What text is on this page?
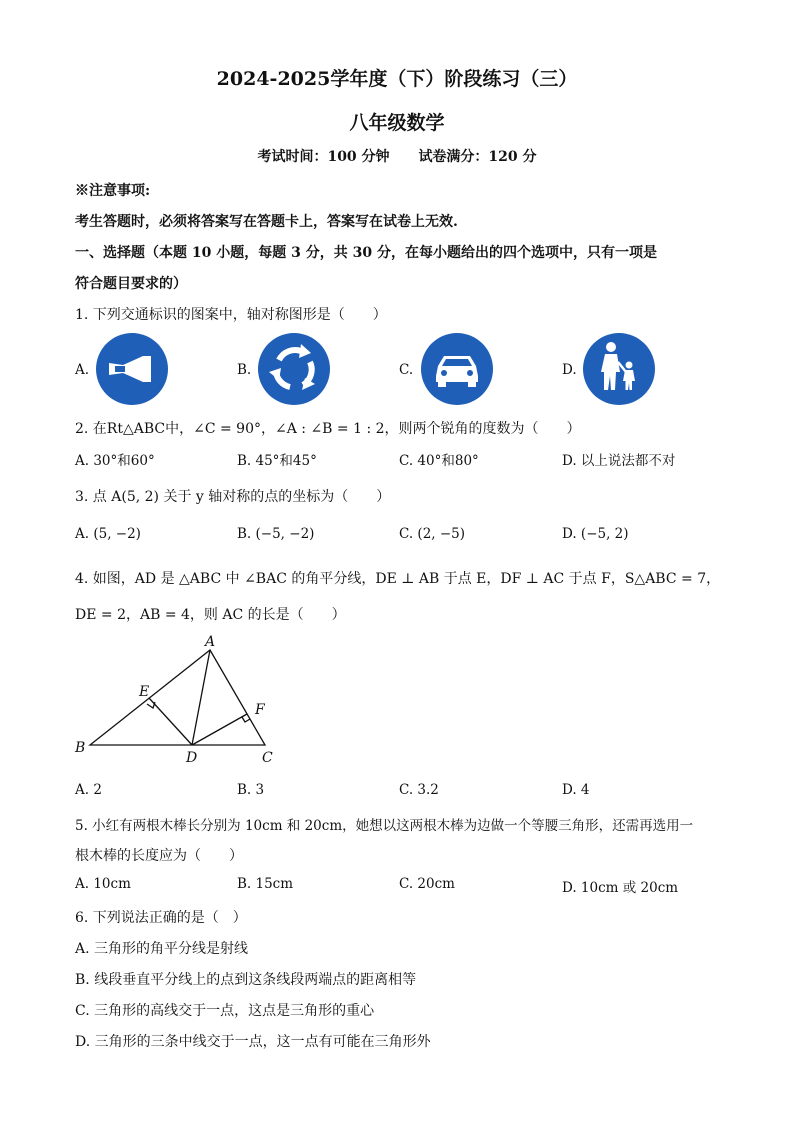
2024-2025学年度（下）阶段练习（三）
八年级数学
考试时间：100 分钟 试卷满分：120 分
※注意事项:
考生答题时，必须将答案写在答题卡上，答案写在试卷上无效.
一、选择题（本题 10 小题，每题 3 分，共 30 分，在每小题给出的四个选项中，只有一项是
符合题目要求的）
1. 下列交通标识的图案中，轴对称图形是（　　）
A.	B.	C.	D.
2. 在Rt△ABC中，∠C = 90°，∠A : ∠B = 1 : 2，则两个锐角的度数为（　　）
A. 30°和60°	B. 45°和45°	C. 40°和80°	D. 以上说法都不对
3. 点 A(5, 2) 关于 y 轴对称的点的坐标为（　　）
A. (5, −2)	B. (−5, −2)	C. (2, −5)	D. (−5, 2)
4. 如图，AD 是 △ABC 中 ∠BAC 的角平分线，DE ⊥ AB 于点 E，DF ⊥ AC 于点 F，S△ABC = 7，
DE = 2，AB = 4，则 AC 的长是（　　）
A
B
C
D
E
F
A. 2	B. 3	C. 3.2	D. 4
5. 小红有两根木棒长分别为 10cm 和 20cm，她想以这两根木棒为边做一个等腰三角形，还需再选用一
根木棒的长度应为（　　）
A. 10cm	B. 15cm	C. 20cm	D. 10cm 或 20cm
6. 下列说法正确的是（　）
A. 三角形的角平分线是射线
B. 线段垂直平分线上的点到这条线段两端点的距离相等
C. 三角形的高线交于一点，这点是三角形的重心
D. 三角形的三条中线交于一点，这一点有可能在三角形外
